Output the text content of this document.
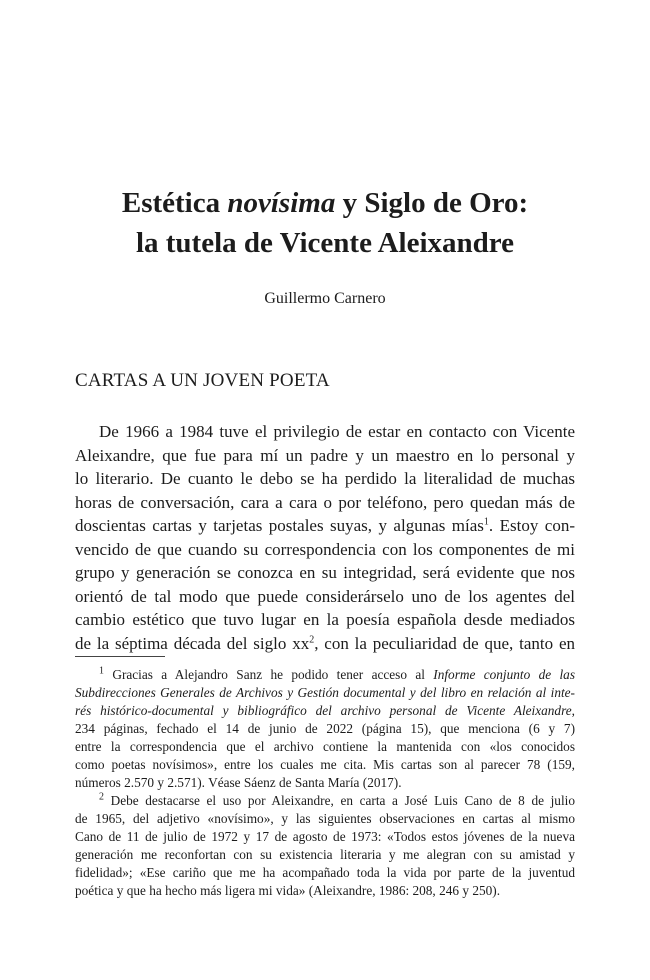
Estética novísima y Siglo de Oro:
la tutela de Vicente Aleixandre

Guillermo Carnero

CARTAS A UN JOVEN POETA
De 1966 a 1984 tuve el privilegio de estar en contacto con Vicente
Aleixandre, que fue para mí un padre y un maestro en lo personal y
lo literario. De cuanto le debo se ha perdido la literalidad de muchas
horas de conversación, cara a cara o por teléfono, pero quedan más de
doscientas cartas y tarjetas postales suyas, y algunas mías$^1$. Estoy con-
vencido de que cuando su correspondencia con los componentes de mi
grupo y generación se conozca en su integridad, será evidente que nos
orientó de tal modo que puede considerárselo uno de los agentes del
cambio estético que tuvo lugar en la poesía española desde mediados
de la séptima década del siglo $xx^2$, con la peculiaridad de que, tanto en
$^1$ Gracias a Alejandro Sanz he podido tener acceso al Informe conjunto de las
Subdirecciones Generales de Archivos y Gestión documental y del libro en relación al inte-
rés histórico-documental y bibliográfico del archivo personal de Vicente Aleixandre,
234 páginas, fechado el 14 de junio de 2022 (página 15), que menciona (6 y 7)
entre la correspondencia que el archivo contiene la mantenida con «los conocidos
como poetas novísimos», entre los cuales me cita. Mis cartas son al parecer 78 (159,
números 2.570 y 2.571). Véase Sáenz de Santa María (2017).
$^2$ Debe destacarse el uso por Aleixandre, en carta a José Luis Cano de 8 de julio
de 1965, del adjetivo «novísimo», y las siguientes observaciones en cartas al mismo
Cano de 11 de julio de 1972 y 17 de agosto de 1973: «Todos estos jóvenes de la nueva
generación me reconfortan con su existencia literaria y me alegran con su amistad y
fidelidad»; «Ese cariño que me ha acompañado toda la vida por parte de la juventud
poética y que ha hecho más ligera mi vida» (Aleixandre, 1986: 208, 246 y 250).
